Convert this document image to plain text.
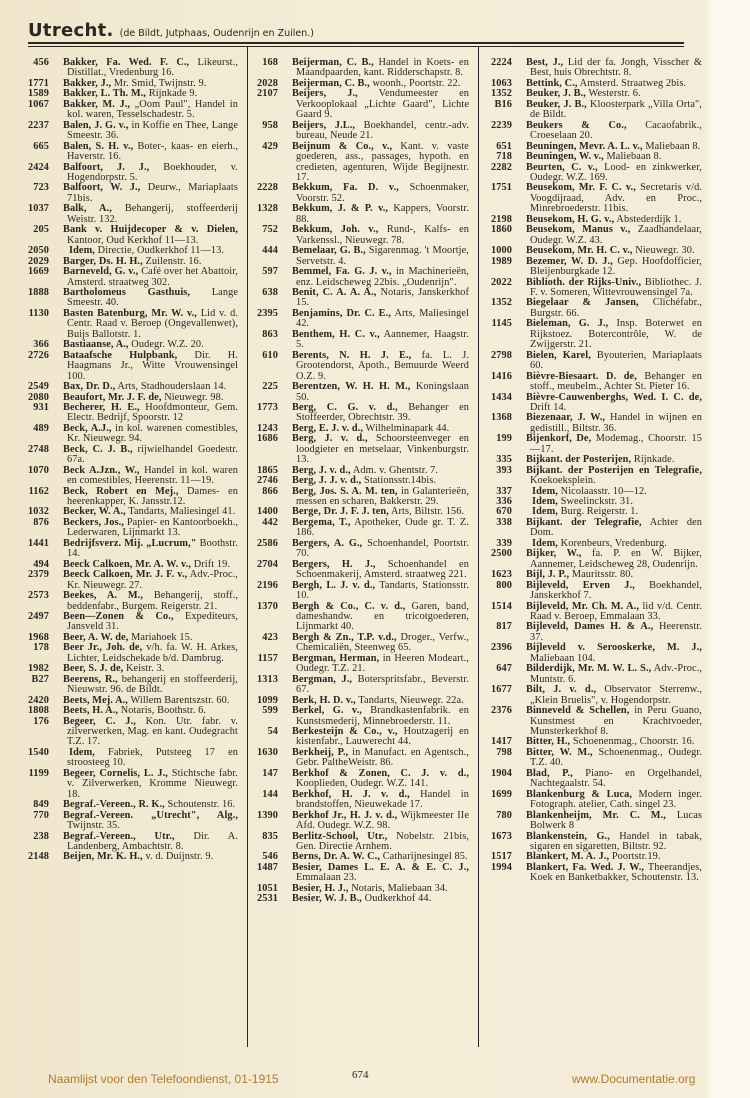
Utrecht. (de Bildt, Jutphaas, Oudenrijn en Zuilen.)
456 Bakker, Fa. Wed. F. C., Likeurst., Distillat., Vredenburg 16.
1771 Bakker, J., Mr. Smid, Twijnstr. 9.
1589 Bakker, L. Th. M., Rijnkade 9.
1067 Bakker, M. J., „Oom Paul", Handel in kol. waren, Tesselschadestr. 5.
2237 Balen, J. G. v., in Koffie en Thee, Lange Smeestr. 36.
665 Balen, S. H. v., Boter-, kaas- en eierh., Haverstr. 16.
2424 Balfoort, J. J., Boekhouder, v. Hogendorpstr. 5.
723 Balfoort, W. J., Deurw., Mariaplaats 71bis.
1037 Balk, A., Behangerij, stoffeerderij Weistr. 132.
205 Bank v. Huijdecoper & v. Dielen, Kantoor, Oud Kerkhof 11—13.
2050 Idem, Directie, Oudkerkhof 11—13.
2029 Barger, Ds. H. H., Zuilenstr. 16.
1669 Barneveld, G. v., Café over het Abattoir, Amsterd. straatweg 302.
1888 Bartholomeus Gasthuis, Lange Smeestr. 40.
1130 Basten Batenburg, Mr. W. v., Lid v. d. Centr. Raad v. Beroep (Ongevallenwet), Buijs Ballotstr. 1.
366 Bastiaanse, A., Oudegr. W.Z. 20.
2726 Bataafsche Hulpbank, Dir. H. Haagmans Jr., Witte Vrouwensingel 100.
2549 Bax, Dr. D., Arts, Stadhouderslaan 14.
2080 Beaufort, Mr. J. F. de, Nieuwegr. 98.
931 Becherer, H. E., Hoofdmonteur, Gem. Electr. Bedrijf, Spoorstr. 12
489 Beck, A.J., in kol. warenen comestibles, Kr. Nieuwegr. 94.
2748 Beck, C. J. B., rijwielhandel Goedestr. 67a.
1070 Beck A.Jzn., W., Handel in kol. waren en comestibles, Heerenstr. 11—19.
1162 Beck, Robert en Mej., Dames- en heerenkapper, K. Jansstr.12.
1032 Becker, W. A., Tandarts, Maliesingel 41.
876 Beckers, Jos., Papier- en Kantoorboekh., Lederwaren, Lijnmarkt 13.
1441 Bedrijfsverz. Mij. „Lucrum," Boothstr. 14.
494 Beeck Calkoen, Mr. A. W. v., Drift 19.
2379 Beeck Calkoen, Mr. J. F. v., Adv.-Proc., Kr. Nieuwegr. 27.
2573 Beekes, A. M., Behangerij, stoff., beddenfabr., Burgem. Reigerstr. 21.
2497 Been—Zonen & Co., Expediteurs, Jansveld 31.
1968 Beer, A. W. de, Mariahoek 15.
178 Beer Jr., Joh. de, v/h. fa. W. H. Arkes, Lichter, Leidschekade b/d. Dambrug.
1982 Beer, S. J. de, Keistr. 3.
B27 Beerens, R., behangerij en stoffeerderij, Nieuwstr. 96. de Bildt.
2420 Beets, Mej. A., Willem Barentszstr. 60.
1808 Beets, H. A., Notaris, Boothstr. 6.
176 Begeer, C. J., Kon. Utr. fabr. v. zilverwerken, Mag. en kant. Oudegracht T.Z. 17.
1540 Idem, Fabriek, Putsteeg 17 en stroosteeg 10.
1199 Begeer, Cornelis, L. J., Stichtsche fabr. v. Zilverwerken, Kromme Nieuwegr. 18.
849 Begraf.-Vereen., R. K., Schoutenstr. 16.
770 Begraf.-Vereen. „Utrecht", Alg., Twijnstr. 35.
238 Begraf.-Vereen., Utr., Dir. A. Landenberg, Ambachtstr. 8.
2148 Beijen, Mr. K. H., v. d. Duijnstr. 9.
168 Beijerman, C. B., Handel in Koets- en Maandpaarden, kant. Ridderschapstr. 8.
2028 Beijerman, C. B., woonh., Poortstr. 22.
2107 Beijers, J., Vendumeester en Verkooplokaal „Lichte Gaard", Lichte Gaard 9.
958 Beijers, J.L., Boekhandel, centr.-adv. bureau, Neude 21.
429 Beijnum & Co., v., Kant. v. vaste goederen, ass., passages, hypoth. en credieten, agenturen, Wijde Begijnestr. 17.
2228 Bekkum, Fa. D. v., Schoenmaker, Voorstr. 52.
1328 Bekkum, J. & P. v., Kappers, Voorstr. 88.
752 Bekkum, Joh. v., Rund-, Kalfs- en Varkenssl., Nieuwegr. 78.
444 Bemelaar, G. B., Sigarenmag. 't Moortje, Servetstr. 4.
597 Bemmel, Fa. G. J. v., in Machinerieën, enz. Leidscheweg 22bis. „Oudenrijn".
638 Benit, C. A. A. A., Notaris, Janskerkhof 15.
2395 Benjamins, Dr. C. E., Arts, Maliesingel 42.
863 Benthem, H. C. v., Aannemer, Haagstr. 5.
610 Berents, N. H. J. E., fa. L. J. Grootendorst, Apoth., Bemuurde Weerd O.Z. 9.
225 Berentzen, W. H. H. M., Koningslaan 50.
1773 Berg, C. G. v. d., Behanger en Stoffeerder, Obrechtstr. 39.
1243 Berg, E. J. v. d., Wilhelminapark 44.
1686 Berg, J. v. d., Schoorsteenveger en loodgieter en metselaar, Vinkenburgstr. 13.
1865 Berg, J. v. d., Adm. v. Ghentstr. 7.
2746 Berg, J. J. v. d., Stationsstr.14bis.
866 Berg, Jos. S. A. M. ten, in Galanterieën, messen en scharen, Bakkerstr. 29.
1400 Berge, Dr. J. F. J. ten, Arts, Biltstr. 156.
442 Bergema, T., Apotheker, Oude gr. T. Z. 186.
2586 Bergers, A. G., Schoenhandel, Poortstr. 70.
2704 Bergers, H. J., Schoenhandel en Schoenmakerij, Amsterd. straatweg 221.
2196 Bergh, L. J. v. d., Tandarts, Stationsstr. 10.
1370 Bergh & Co., C. v. d., Garen, band, dameshandw. en tricotgoederen, Lijnmarkt 40.
423 Bergh & Zn., T.P. v.d., Droger., Verfw., Chemicaliën, Steenweg 65.
1157 Bergman, Herman, in Heeren Modeart., Oudegr. T.Z. 21.
1313 Bergman, J., Boterspritsfabr., Beverstr. 67.
1099 Berk, H. D. v., Tandarts, Nieuwegr. 22a.
599 Berkel, G. v., Brandkastenfabrik. en Kunstsmederij, Minnebroederstr. 11.
54 Berkesteijn & Co., v., Houtzagerij en kistenfabr., Lauwerecht 44.
1630 Berkheij, P., in Manufact. en Agentsch., Gebr. PaltheWeistr. 86.
147 Berkhof & Zonen, C. J. v. d., Kooplieden, Oudegr. W.Z. 141.
144 Berkhof, H. J. v. d., Handel in brandstoffen, Nieuwekade 17.
1390 Berkhof Jr., H. J. v. d., Wijkmeester IIe Afd. Oudegr. W.Z. 98.
835 Berlitz-School, Utr., Nobelstr. 21bis, Gen. Directie Arnhem.
546 Berns, Dr. A. W. C., Catharijnesingel 85.
1487 Besier, Dames L. E. A. & E. C. J., Emmalaan 23.
1051 Besier, H. J., Notaris, Maliebaan 34.
2531 Besier, W. J. B., Oudkerkhof 44.
2224 Best, J., Lid der fa. Jongh, Visscher & Best, huis Obrechtstr. 8.
1063 Bettink, C., Amsterd. Straatweg 2bis.
1352 Beuker, J. B., Westerstr. 6.
B16 Beuker, J. B., Kloosterpark „Villa Orta", de Bildt.
2239 Beukers & Co., Cacaofabrik., Croeselaan 20.
651 Beuningen, Mevr. A. L. v., Maliebaan 8.
718 Beuningen, W. v., Maliebaan 8.
2282 Beurten, C. v., Lood- en zinkwerker, Oudegr. W.Z. 169.
1751 Beusekom, Mr. F. C. v., Secretaris v/d. Voogdijraad, Adv. en Proc., Minrebroederstr. 11bis.
2198 Beusekom, H. G. v., Abstederdijk 1.
1860 Beusekom, Manus v., Zaadhandelaar, Oudegr. W.Z. 43.
1000 Beusekom, Mr. H. C. v., Nieuwegr. 30.
1989 Bezemer, W. D. J., Gep. Hoofdofficier, Bleijenburgkade 12.
2022 Biblioth. der Rijks-Univ., Bibliothec. J. F. v. Someren, Wittevrouwensingel 7a.
1352 Biegelaar & Jansen, Clichéfabr., Burgstr. 66.
1145 Bieleman, G. J., Insp. Boterwet en Rijkstoez. Botercontrôle, W. de Zwijgerstr. 21.
2798 Bielen, Karel, Byouterien, Mariaplaats 60.
1416 Bièvre-Biesaart. D. de, Behanger en stoff., meubelm., Achter St. Pieter 16.
1434 Bièvre-Cauwenberghs, Wed. I. C. de, Drift 14.
1368 Biezenaar, J. W., Handel in wijnen en gedistill., Biltstr. 36.
199 Bijenkorf, De, Modemag., Choorstr. 15—17.
335 Bijkant. der Posterijen, Rijnkade.
393 Bijkant. der Posterijen en Telegrafie, Koekoeksplein.
337 Idem, Nicolaasstr. 10—12.
336 Idem, Sweelinckstr. 31.
670 Idem, Burg. Reigerstr. 1.
338 Bijkant. der Telegrafie, Achter den Dom.
339 Idem, Korenbeurs, Vredenburg.
2500 Bijker, W., fa. P. en W. Bijker, Aannemer, Leidscheweg 28, Oudenrijn.
1623 Bijl, J. P., Mauritsstr. 80.
800 Bijleveld, Erven J., Boekhandel, Janskerkhof 7.
1514 Bijleveld, Mr. Ch. M. A., lid v/d. Centr. Raad v. Beroep, Emmalaan 33.
817 Bijleveld, Dames H. & A., Heerenstr. 37.
2396 Bijleveld v. Serooskerke, M. J., Maliebaan 104.
647 Bilderdijk, Mr. M. W. L. S., Adv.-Proc., Muntstr. 6.
1677 Bilt, J. v. d., Observator Sterrenw., „Klein Bruelis", v. Hogendorpstr.
2376 Binneveld & Schellen, in Peru Guano, Kunstmest en Krachtvoeder, Munsterkerkhof 8.
1417 Bitter, H., Schoenenmag., Choorstr. 16.
798 Bitter, W. M., Schoenenmag., Oudegr. T.Z. 40.
1904 Blad, P., Piano- en Orgelhandel, Nachtegaalstr. 54.
1699 Blankenburg & Luca, Modern inger. Fotograph. atelier, Cath. singel 23.
780 Blankenheijm, Mr. C. M., Lucas Bolwerk 8
1673 Blankenstein, G., Handel in tabak, sigaren en sigaretten, Biltstr. 92.
1517 Blankert, M. A. J., Poortstr.19.
1994 Blankert, Fa. Wed. J. W., Theerandjes, Koek en Banketbakker, Schoutenstr. 13.
Naamlijst voor den Telefoondienst, 01-1915	674	www.Documentatie.org
